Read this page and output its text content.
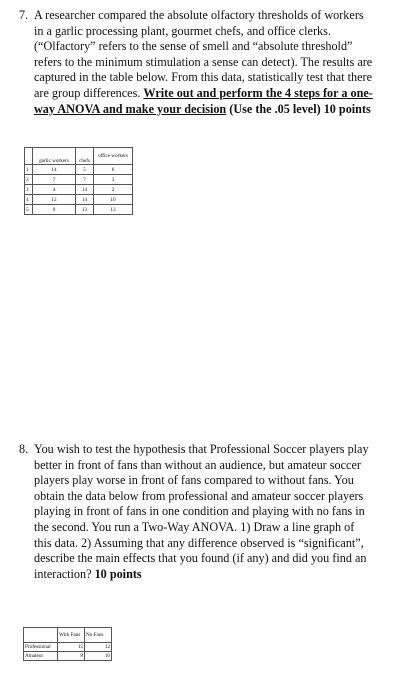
7. A researcher compared the absolute olfactory thresholds of workers in a garlic processing plant, gourmet chefs, and office clerks. (“Olfactory” refers to the sense of smell and “absolute threshold” refers to the minimum stimulation a sense can detect). The results are captured in the table below. From this data, statistically test that there are group differences. Write out and perform the 4 steps for a one-way ANOVA and make your decision (Use the .05 level) 10 points

	garlic workers	chefs	office workers
1	14	5	6
2	7	7	3
3	4	14	2
4	12	14	10
5	9	13	13
8. You wish to test the hypothesis that Professional Soccer players play better in front of fans than without an audience, but amateur soccer players play worse in front of fans compared to without fans. You obtain the data below from professional and amateur soccer players playing in front of fans in one condition and playing with no fans in the second. You run a Two-Way ANOVA. 1) Draw a line graph of this data. 2) Assuming that any difference observed is “significant”, describe the main effects that you found (if any) and did you find an interaction? 10 points

	With Fans	No Fans
Professional	15	12
Amateur	8	10
